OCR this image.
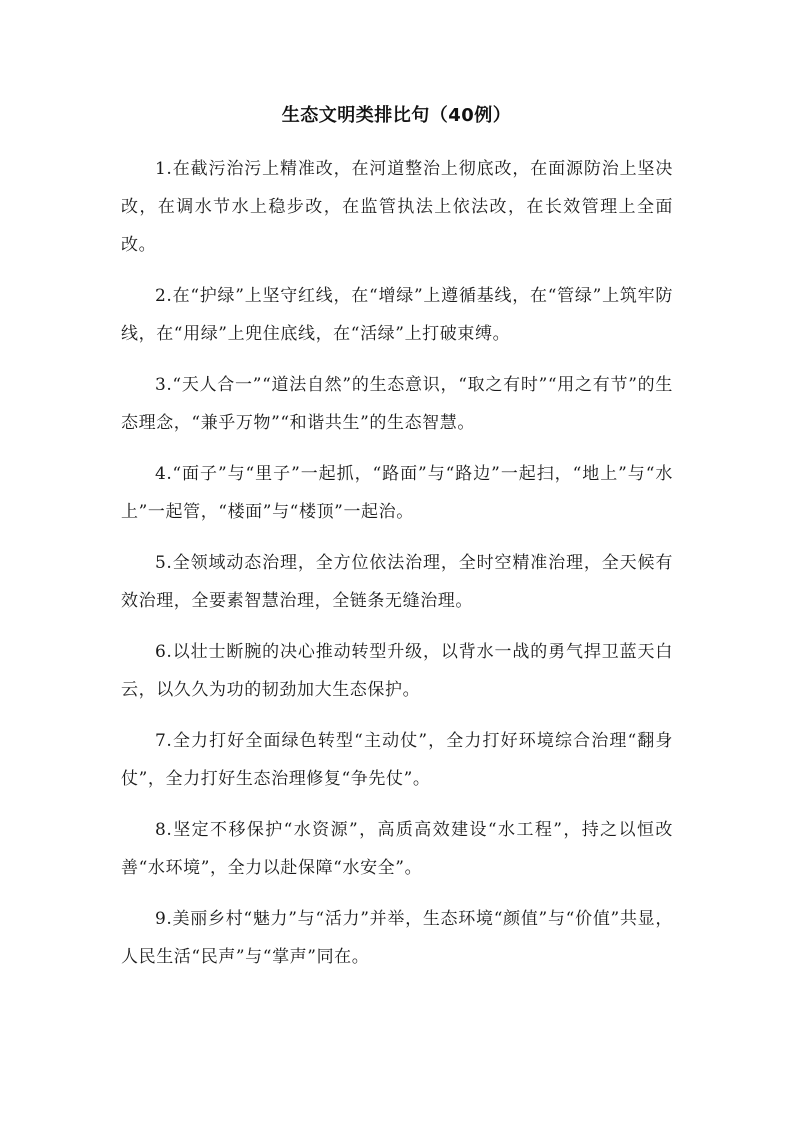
生态文明类排比句（40例）

1.在截污治污上精准改，在河道整治上彻底改，在面源防治上坚决改，在调水节水上稳步改，在监管执法上依法改，在长效管理上全面改。

2.在“护绿”上坚守红线，在“增绿”上遵循基线，在“管绿”上筑牢防线，在“用绿”上兜住底线，在“活绿”上打破束缚。

3.“天人合一”“道法自然”的生态意识，“取之有时”“用之有节”的生态理念，“兼乎万物”“和谐共生”的生态智慧。

4.“面子”与“里子”一起抓，“路面”与“路边”一起扫，“地上”与“水上”一起管，“楼面”与“楼顶”一起治。

5.全领域动态治理，全方位依法治理，全时空精准治理，全天候有效治理，全要素智慧治理，全链条无缝治理。

6.以壮士断腕的决心推动转型升级，以背水一战的勇气捍卫蓝天白云，以久久为功的韧劲加大生态保护。

7.全力打好全面绿色转型“主动仗”，全力打好环境综合治理“翻身仗”，全力打好生态治理修复“争先仗”。

8.坚定不移保护“水资源”，高质高效建设“水工程”，持之以恒改善“水环境”，全力以赴保障“水安全”。

9.美丽乡村“魅力”与“活力”并举，生态环境“颜值”与“价值”共显，人民生活“民声”与“掌声”同在。
